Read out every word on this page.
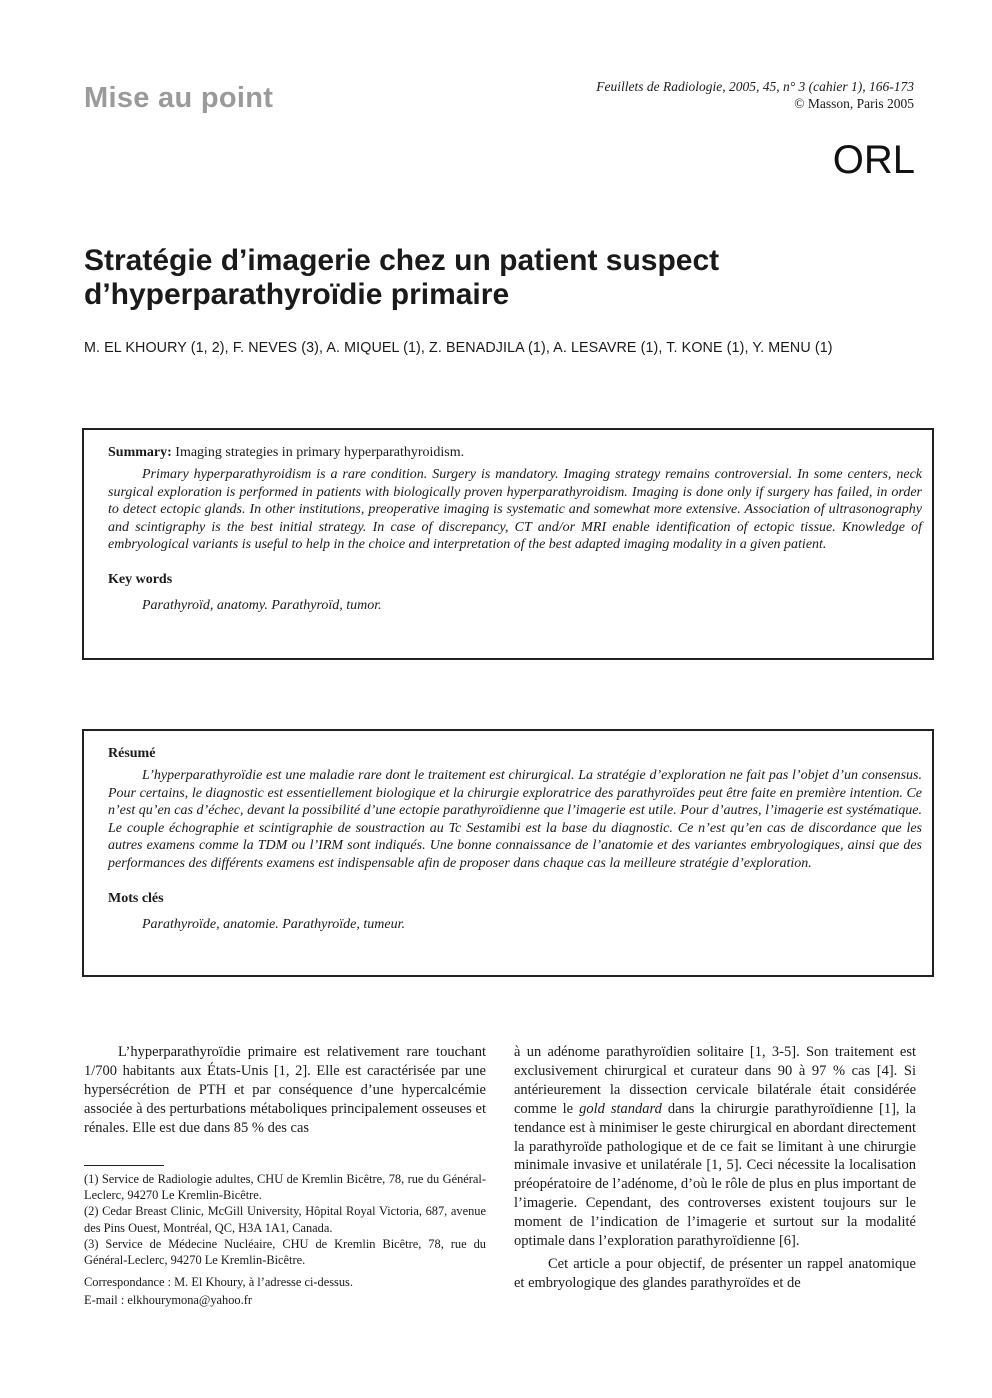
Mise au point	Feuillets de Radiologie, 2005, 45, n° 3 (cahier 1), 166-173
© Masson, Paris 2005
ORL
Stratégie d’imagerie chez un patient suspect d’hyperparathyroïdie primaire
M. EL KHOURY (1, 2), F. NEVES (3), A. MIQUEL (1), Z. BENADJILA (1), A. LESAVRE (1), T. KONE (1), Y. MENU (1)
Summary: Imaging strategies in primary hyperparathyroidism.

Primary hyperparathyroidism is a rare condition. Surgery is mandatory. Imaging strategy remains controversial. In some centers, neck surgical exploration is performed in patients with biologically proven hyperparathyroidism. Imaging is done only if surgery has failed, in order to detect ectopic glands. In other institutions, preoperative imaging is systematic and somewhat more extensive. Association of ultrasonography and scintigraphy is the best initial strategy. In case of discrepancy, CT and/or MRI enable identification of ectopic tissue. Knowledge of embryological variants is useful to help in the choice and interpretation of the best adapted imaging modality in a given patient.

Key words
Parathyroïd, anatomy. Parathyroïd, tumor.
Résumé

L’hyperparathyroïdie est une maladie rare dont le traitement est chirurgical. La stratégie d’exploration ne fait pas l’objet d’un consensus. Pour certains, le diagnostic est essentiellement biologique et la chirurgie exploratrice des parathyroïdes peut être faite en première intention. Ce n’est qu’en cas d’échec, devant la possibilité d’une ectopie parathyroïdienne que l’imagerie est utile. Pour d’autres, l’imagerie est systématique. Le couple échographie et scintigraphie de soustraction au Tc Sestamibi est la base du diagnostic. Ce n’est qu’en cas de discordance que les autres examens comme la TDM ou l’IRM sont indiqués. Une bonne connaissance de l’anatomie et des variantes embryologiques, ainsi que des performances des différents examens est indispensable afin de proposer dans chaque cas la meilleure stratégie d’exploration.

Mots clés
Parathyroïde, anatomie. Parathyroïde, tumeur.

L’hyperparathyroïdie primaire est relativement rare touchant 1/700 habitants aux États-Unis [1, 2]. Elle est caractérisée par une hypersécrétion de PTH et par conséquence d’une hypercalcémie associée à des perturbations métaboliques principalement osseuses et rénales. Elle est due dans 85 % des cas

à un adénome parathyroïdien solitaire [1, 3-5]. Son traitement est exclusivement chirurgical et curateur dans 90 à 97 % cas [4]. Si antérieurement la dissection cervicale bilatérale était considérée comme le gold standard dans la chirurgie parathyroïdienne [1], la tendance est à minimiser le geste chirurgical en abordant directement la parathyroïde pathologique et de ce fait se limitant à une chirurgie minimale invasive et unilatérale [1, 5]. Ceci nécessite la localisation préopératoire de l’adénome, d’où le rôle de plus en plus important de l’imagerie. Cependant, des controverses existent toujours sur le moment de l’indication de l’imagerie et surtout sur la modalité optimale dans l’exploration parathyroïdienne [6].

Cet article a pour objectif, de présenter un rappel anatomique et embryologique des glandes parathyroïdes et de

(1) Service de Radiologie adultes, CHU de Kremlin Bicêtre, 78, rue du Général-Leclerc, 94270 Le Kremlin-Bicêtre.

(2) Cedar Breast Clinic, McGill University, Hôpital Royal Victoria, 687, avenue des Pins Ouest, Montréal, QC, H3A 1A1, Canada.

(3) Service de Médecine Nucléaire, CHU de Kremlin Bicêtre, 78, rue du Général-Leclerc, 94270 Le Kremlin-Bicêtre.

Correspondance : M. El Khoury, à l’adresse ci-dessus.

E-mail : elkhourymona@yahoo.fr
